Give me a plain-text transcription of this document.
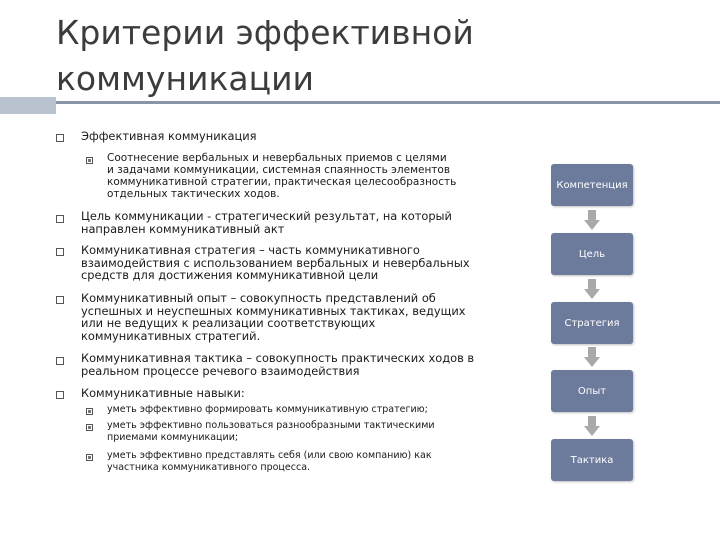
Критерии эффективной
коммуникации
Эффективная коммуникация
Соотнесение вербальных и невербальных приемов с целями
и задачами коммуникации, системная спаянность элементов
коммуникативной стратегии, практическая целесообразность
отдельных тактических ходов.
Цель коммуникации - стратегический результат, на который
направлен коммуникативный акт
Коммуникативная стратегия – часть коммуникативного
взаимодействия с использованием вербальных и невербальных
средств для достижения коммуникативной цели
Коммуникативный опыт – совокупность представлений об
успешных и неуспешных коммуникативных тактиках, ведущих
или не ведущих к реализации соответствующих
коммуникативных стратегий.
Коммуникативная тактика – совокупность практических ходов в
реальном процессе речевого взаимодействия
Коммуникативные навыки:
уметь эффективно формировать коммуникативную стратегию;
уметь эффективно пользоваться разнообразными тактическими
приемами коммуникации;
уметь эффективно представлять себя (или свою компанию) как
участника коммуникативного процесса.
Компетенция
Цель
Стратегия
Опыт
Тактика
